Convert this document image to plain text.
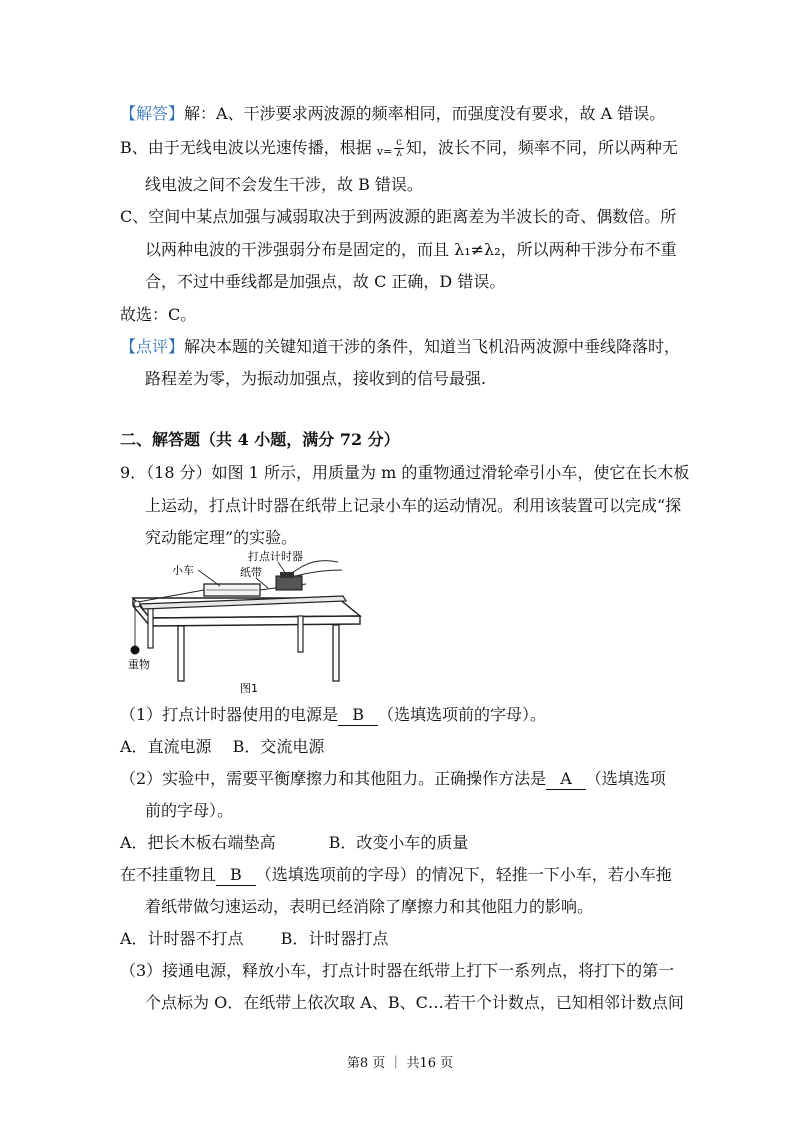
【解答】解：A、干涉要求两波源的频率相同，而强度没有要求，故 A 错误。
B、由于无线电波以光速传播，根据 $v= \frac{c}{\lambda}$ 知，波长不同，频率不同，所以两种无
线电波之间不会发生干涉，故 B 错误。
C、空间中某点加强与减弱取决于到两波源的距离差为半波长的奇、偶数倍。所
以两种电波的干涉强弱分布是固定的，而且 λ₁≠λ₂，所以两种干涉分布不重
合，不过中垂线都是加强点，故 C 正确，D 错误。
故选：C。
【点评】解决本题的关键知道干涉的条件，知道当飞机沿两波源中垂线降落时，
路程差为零，为振动加强点，接收到的信号最强.
二、解答题（共 4 小题，满分 72 分）
9．（18 分）如图 1 所示，用质量为 m 的重物通过滑轮牵引小车，使它在长木板
上运动，打点计时器在纸带上记录小车的运动情况。利用该装置可以完成“探
究动能定理”的实验。
打点计时器
小车	纸带
重物
图1
（1）打点计时器使用的电源是 B （选填选项前的字母）。
A．直流电源　 B．交流电源
（2）实验中，需要平衡摩擦力和其他阻力。正确操作方法是 A （选填选项
前的字母）。
A．把长木板右端垫高　　　 B．改变小车的质量
在不挂重物且 B （选填选项前的字母）的情况下，轻推一下小车，若小车拖
着纸带做匀速运动，表明已经消除了摩擦力和其他阻力的影响。
A．计时器不打点　　 B．计时器打点
（3）接通电源，释放小车，打点计时器在纸带上打下一系列点，将打下的第一
个点标为 O．在纸带上依次取 A、B、C…若干个计数点，已知相邻计数点间
第8 页 ｜ 共16 页
